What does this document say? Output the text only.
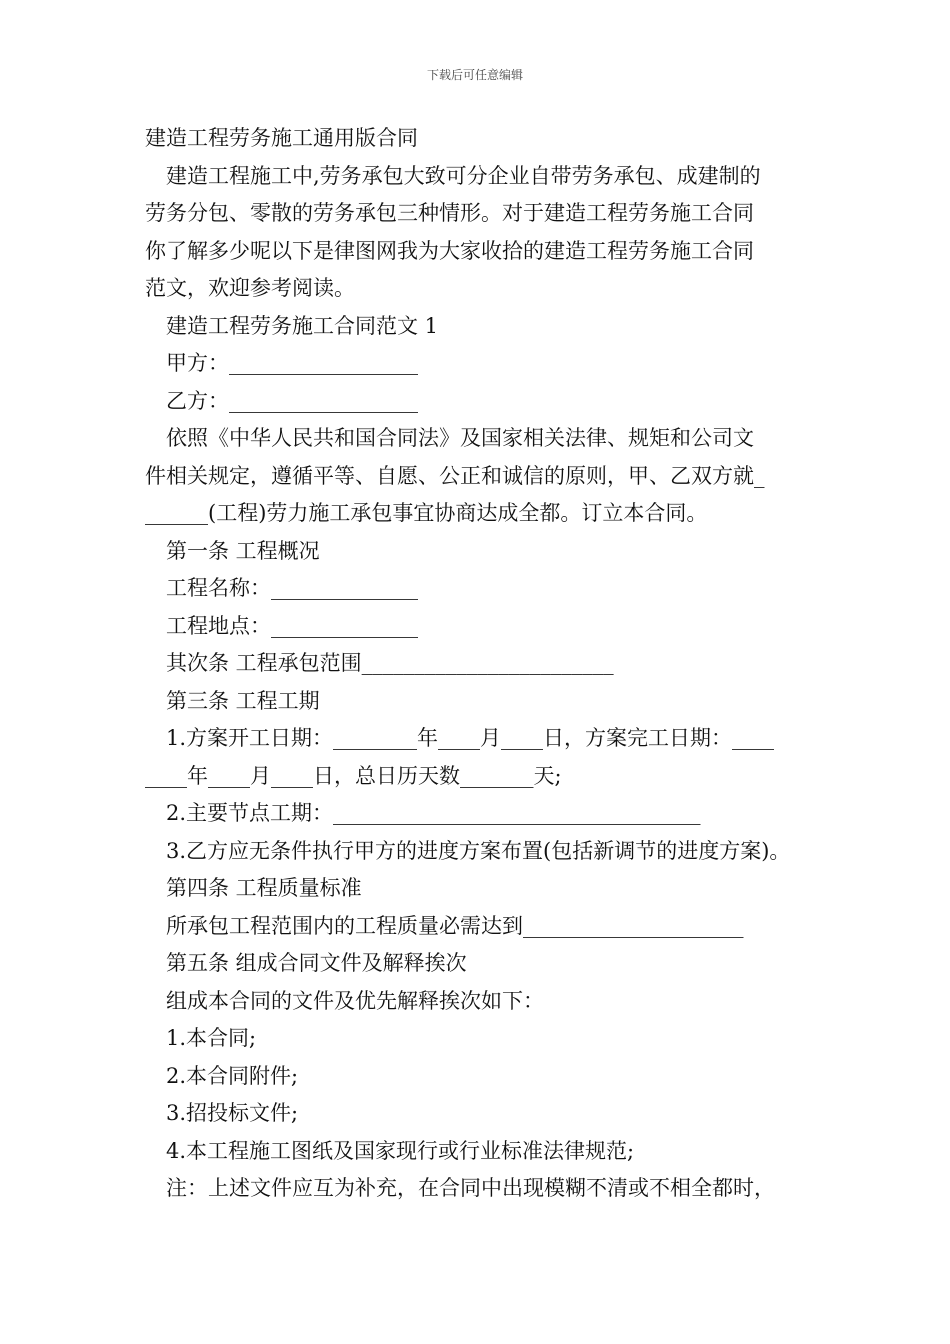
下载后可任意编辑
建造工程劳务施工通用版合同
建造工程施工中,劳务承包大致可分企业自带劳务承包、成建制的
劳务分包、零散的劳务承包三种情形。对于建造工程劳务施工合同
你了解多少呢以下是律图网我为大家收拾的建造工程劳务施工合同
范文，欢迎参考阅读。
建造工程劳务施工合同范文 1
甲方：__________________
乙方：__________________
依照《中华人民共和国合同法》及国家相关法律、规矩和公司文
件相关规定，遵循平等、自愿、公正和诚信的原则，甲、乙双方就_
______(工程)劳力施工承包事宜协商达成全都。订立本合同。
第一条 工程概况
工程名称：______________
工程地点：______________
其次条 工程承包范围________________________
第三条 工程工期
1.方案开工日期：________年____月____日，方案完工日期：____
____年____月____日，总日历天数_______天;
2.主要节点工期：___________________________________
3.乙方应无条件执行甲方的进度方案布置(包括新调节的进度方案)。
第四条 工程质量标准
所承包工程范围内的工程质量必需达到_____________________
第五条 组成合同文件及解释挨次
组成本合同的文件及优先解释挨次如下：
1.本合同;
2.本合同附件;
3.招投标文件;
4.本工程施工图纸及国家现行或行业标准法律规范;
注：上述文件应互为补充，在合同中出现模糊不清或不相全都时，
